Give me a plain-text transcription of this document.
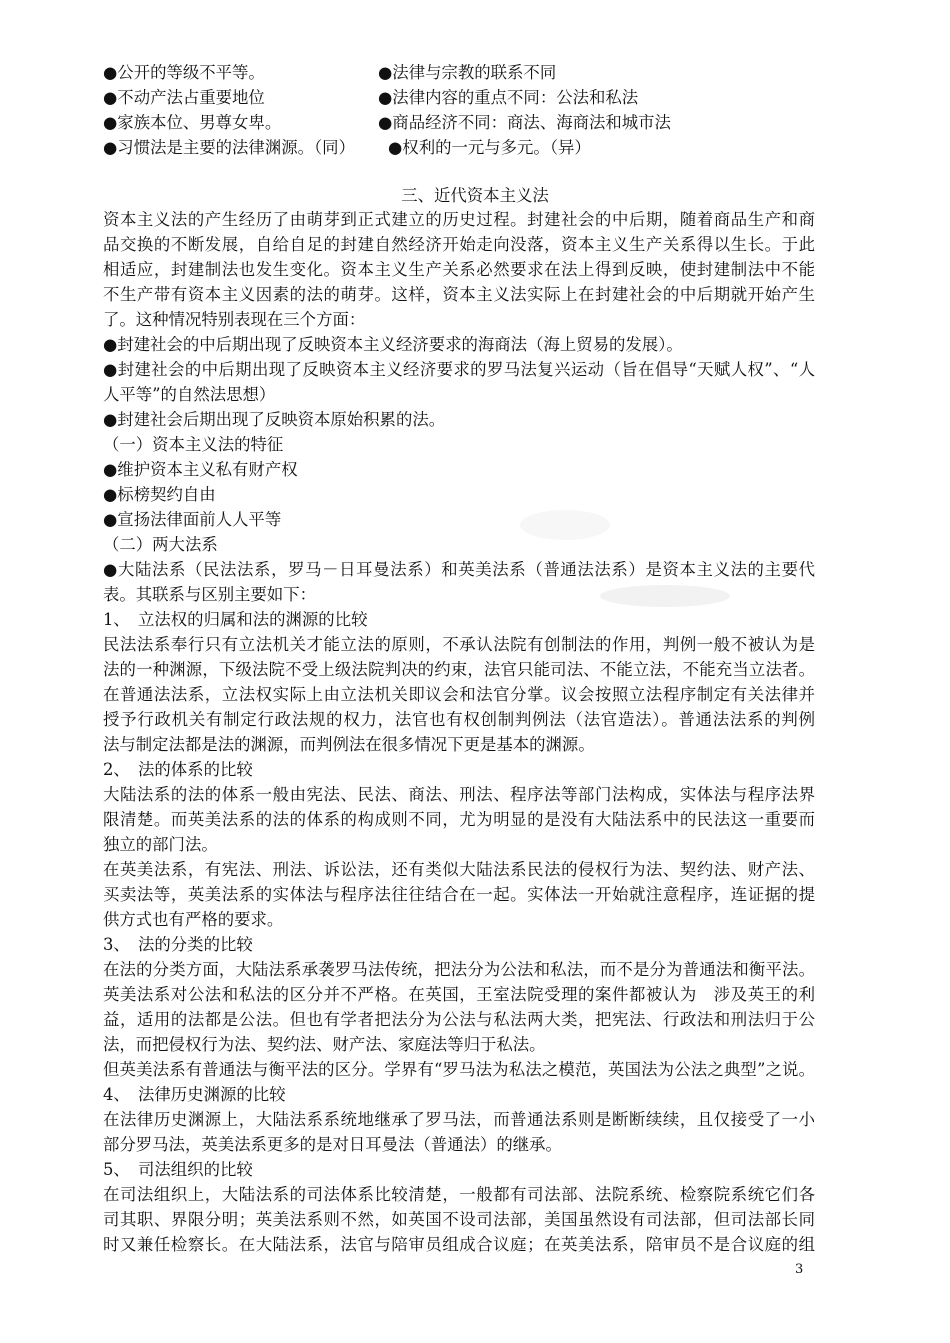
●公开的等级不平等。	●法律与宗教的联系不同
●不动产法占重要地位	●法律内容的重点不同：公法和私法
●家族本位、男尊女卑。	●商品经济不同：商法、海商法和城市法
●习惯法是主要的法律渊源。（同） ●权利的一元与多元。（异）
三、近代资本主义法
资本主义法的产生经历了由萌芽到正式建立的历史过程。封建社会的中后期，随着商品生产和商
品交换的不断发展，自给自足的封建自然经济开始走向没落，资本主义生产关系得以生长。于此
相适应，封建制法也发生变化。资本主义生产关系必然要求在法上得到反映，使封建制法中不能
不生产带有资本主义因素的法的萌芽。这样，资本主义法实际上在封建社会的中后期就开始产生
了。这种情况特别表现在三个方面：
●封建社会的中后期出现了反映资本主义经济要求的海商法（海上贸易的发展）。
●封建社会的中后期出现了反映资本主义经济要求的罗马法复兴运动（旨在倡导“天赋人权”、“人
人平等”的自然法思想）
●封建社会后期出现了反映资本原始积累的法。
（一）资本主义法的特征
●维护资本主义私有财产权
●标榜契约自由
●宣扬法律面前人人平等
（二）两大法系
●大陆法系（民法法系，罗马－日耳曼法系）和英美法系（普通法法系）是资本主义法的主要代
表。其联系与区别主要如下：
1、　立法权的归属和法的渊源的比较
民法法系奉行只有立法机关才能立法的原则，不承认法院有创制法的作用，判例一般不被认为是
法的一种渊源，下级法院不受上级法院判决的约束，法官只能司法、不能立法，不能充当立法者。
在普通法法系，立法权实际上由立法机关即议会和法官分掌。议会按照立法程序制定有关法律并
授予行政机关有制定行政法规的权力，法官也有权创制判例法（法官造法）。普通法法系的判例
法与制定法都是法的渊源，而判例法在很多情况下更是基本的渊源。
2、　法的体系的比较
大陆法系的法的体系一般由宪法、民法、商法、刑法、程序法等部门法构成，实体法与程序法界
限清楚。而英美法系的法的体系的构成则不同，尤为明显的是没有大陆法系中的民法这一重要而
独立的部门法。
在英美法系，有宪法、刑法、诉讼法，还有类似大陆法系民法的侵权行为法、契约法、财产法、
买卖法等，英美法系的实体法与程序法往往结合在一起。实体法一开始就注意程序，连证据的提
供方式也有严格的要求。
3、　法的分类的比较
在法的分类方面，大陆法系承袭罗马法传统，把法分为公法和私法，而不是分为普通法和衡平法。
英美法系对公法和私法的区分并不严格。在英国，王室法院受理的案件都被认为　涉及英王的利
益，适用的法都是公法。但也有学者把法分为公法与私法两大类，把宪法、行政法和刑法归于公
法，而把侵权行为法、契约法、财产法、家庭法等归于私法。
但英美法系有普通法与衡平法的区分。学界有“罗马法为私法之模范，英国法为公法之典型”之说。
4、　法律历史渊源的比较
在法律历史渊源上，大陆法系系统地继承了罗马法，而普通法系则是断断续续，且仅接受了一小
部分罗马法，英美法系更多的是对日耳曼法（普通法）的继承。
5、　司法组织的比较
在司法组织上，大陆法系的司法体系比较清楚，一般都有司法部、法院系统、检察院系统它们各
司其职、界限分明；英美法系则不然，如英国不设司法部，美国虽然设有司法部，但司法部长同
时又兼任检察长。在大陆法系，法官与陪审员组成合议庭；在英美法系，陪审员不是合议庭的组
3
